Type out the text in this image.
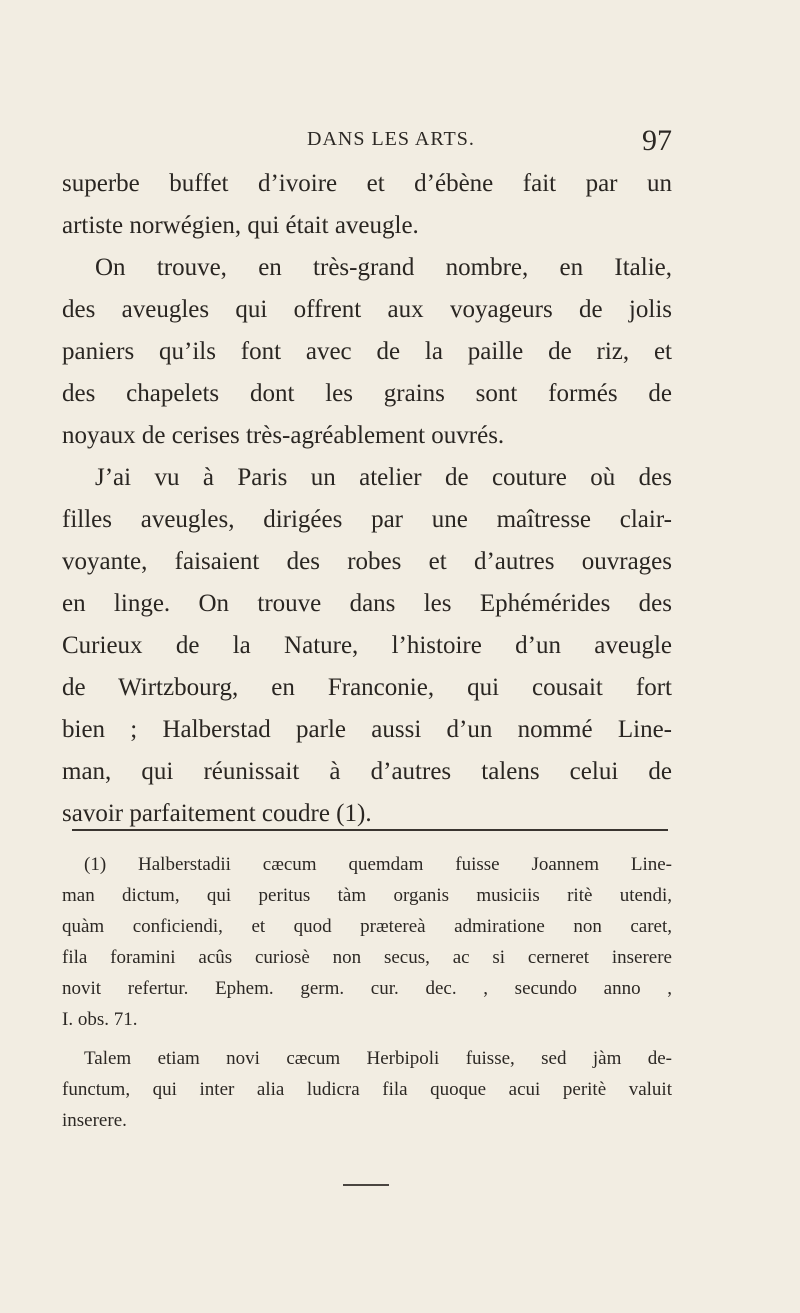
DANS LES ARTS.	97
superbe buffet d’ivoire et d’ébène fait par un
artiste norwégien, qui était aveugle.
On trouve, en très-grand nombre, en Italie,
des aveugles qui offrent aux voyageurs de jolis
paniers qu’ils font avec de la paille de riz, et
des chapelets dont les grains sont formés de
noyaux de cerises très-agréablement ouvrés.
J’ai vu à Paris un atelier de couture où des
filles aveugles, dirigées par une maîtresse clair-
voyante, faisaient des robes et d’autres ouvrages
en linge. On trouve dans les Ephémérides des
Curieux de la Nature, l’histoire d’un aveugle
de Wirtzbourg, en Franconie, qui cousait fort
bien ; Halberstad parle aussi d’un nommé Line-
man, qui réunissait à d’autres talens celui de
savoir parfaitement coudre (1).
(1) Halberstadii cæcum quemdam fuisse Joannem Line-
man dictum, qui peritus tàm organis musiciis ritè utendi,
quàm conficiendi, et quod prætereà admiratione non caret,
fila foramini acûs curiosè non secus, ac si cerneret inserere
novit refertur. Ephem. germ. cur. dec. , secundo anno ,
I. obs. 71.
Talem etiam novi cæcum Herbipoli fuisse, sed jàm de-
functum, qui inter alia ludicra fila quoque acui peritè valuit
inserere.
